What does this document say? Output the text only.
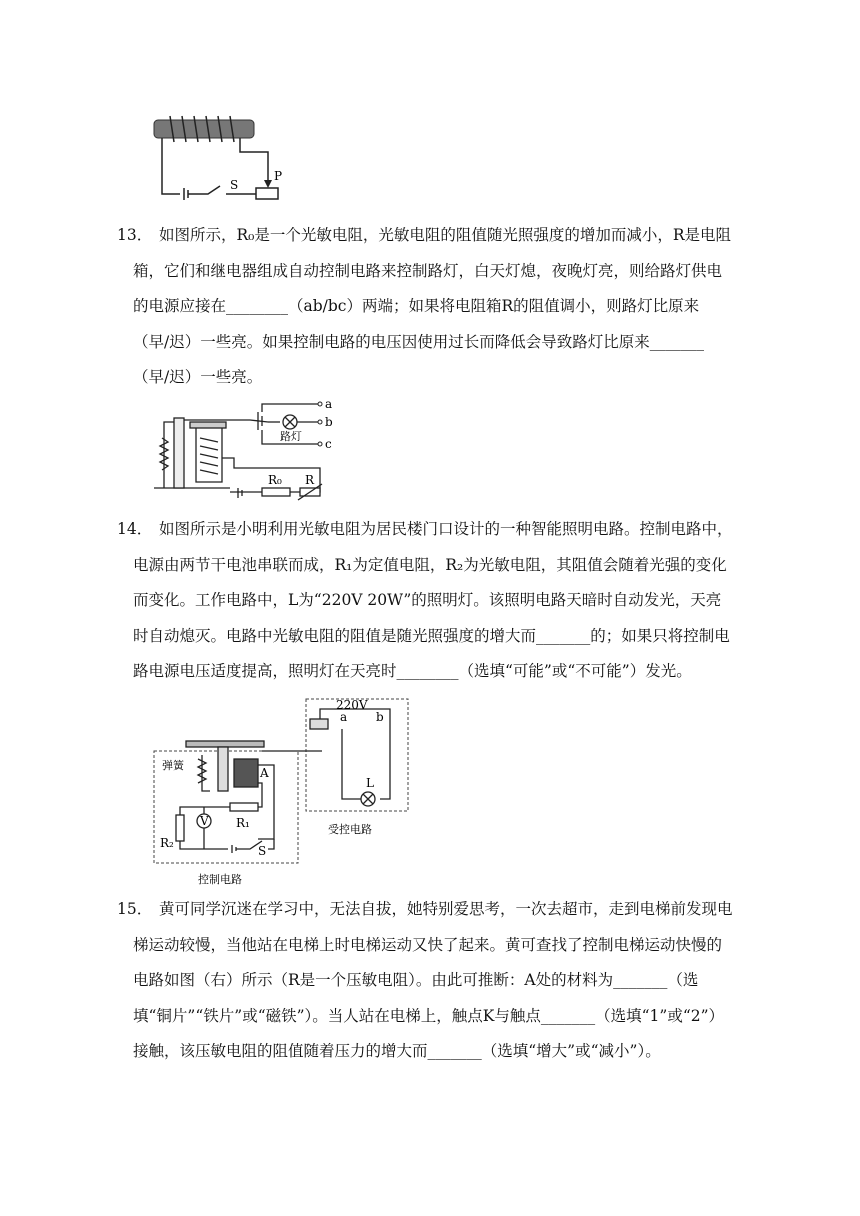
S
P
13． 如图所示，R₀是一个光敏电阻，光敏电阻的阻值随光照强度的增加而减小，R是电阻箱，它们和继电器组成自动控制电路来控制路灯，白天灯熄，夜晚灯亮，则给路灯供电的电源应接在________（ab/bc）两端；如果将电阻箱R的阻值调小，则路灯比原来（早/迟）一些亮。如果控制电路的电压因使用过长而降低会导致路灯比原来_______（早/迟）一些亮。
a
b
c
路灯
R₀ R
14． 如图所示是小明利用光敏电阻为居民楼门口设计的一种智能照明电路。控制电路中，电源由两节干电池串联而成，R₁为定值电阻，R₂为光敏电阻，其阻值会随着光强的变化而变化。工作电路中，L为“220V 20W”的照明灯。该照明电路天暗时自动发光，天亮时自动熄灭。电路中光敏电阻的阻值是随光照强度的增大而_______的；如果只将控制电路电源电压适度提高，照明灯在天亮时________（选填“可能”或“不可能”）发光。
220V
a b
弹簧
A
R₁
V
R₂
S
L
受控电路
控制电路
15． 黄可同学沉迷在学习中，无法自拔，她特别爱思考，一次去超市，走到电梯前发现电梯运动较慢，当他站在电梯上时电梯运动又快了起来。黄可查找了控制电梯运动快慢的电路如图（右）所示（R是一个压敏电阻）。由此可推断：A处的材料为_______（选填“铜片”“铁片”或“磁铁”）。当人站在电梯上，触点K与触点_______（选填“1”或“2”）接触，该压敏电阻的阻值随着压力的增大而_______（选填“增大”或“减小”）。
